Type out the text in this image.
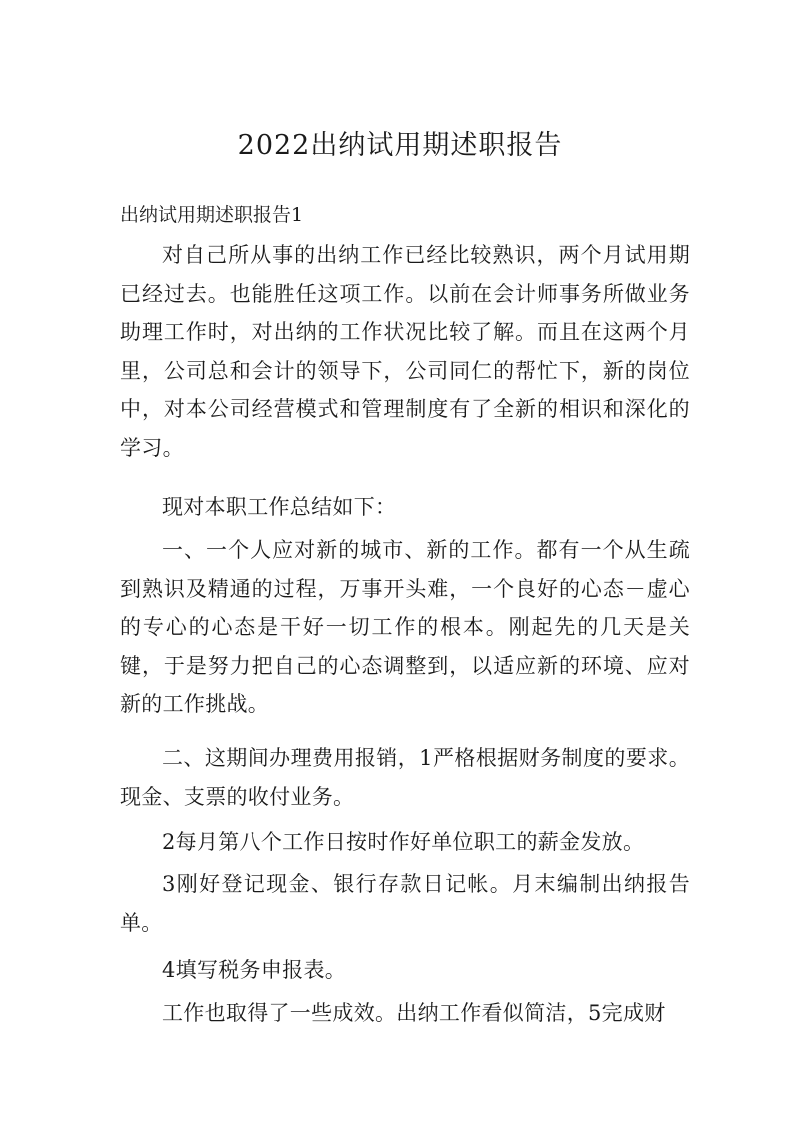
2022出纳试用期述职报告
出纳试用期述职报告1

对自己所从事的出纳工作已经比较熟识，两个月试用期已经过去。也能胜任这项工作。以前在会计师事务所做业务助理工作时，对出纳的工作状况比较了解。而且在这两个月里，公司总和会计的领导下，公司同仁的帮忙下，新的岗位中，对本公司经营模式和管理制度有了全新的相识和深化的学习。

现对本职工作总结如下：

一、一个人应对新的城市、新的工作。都有一个从生疏到熟识及精通的过程，万事开头难，一个良好的心态－虚心的专心的心态是干好一切工作的根本。刚起先的几天是关键，于是努力把自己的心态调整到，以适应新的环境、应对新的工作挑战。

二、这期间办理费用报销，1严格根据财务制度的要求。现金、支票的收付业务。

2每月第八个工作日按时作好单位职工的薪金发放。

3刚好登记现金、银行存款日记帐。月末编制出纳报告单。

4填写税务申报表。

工作也取得了一些成效。出纳工作看似简洁，5完成财
